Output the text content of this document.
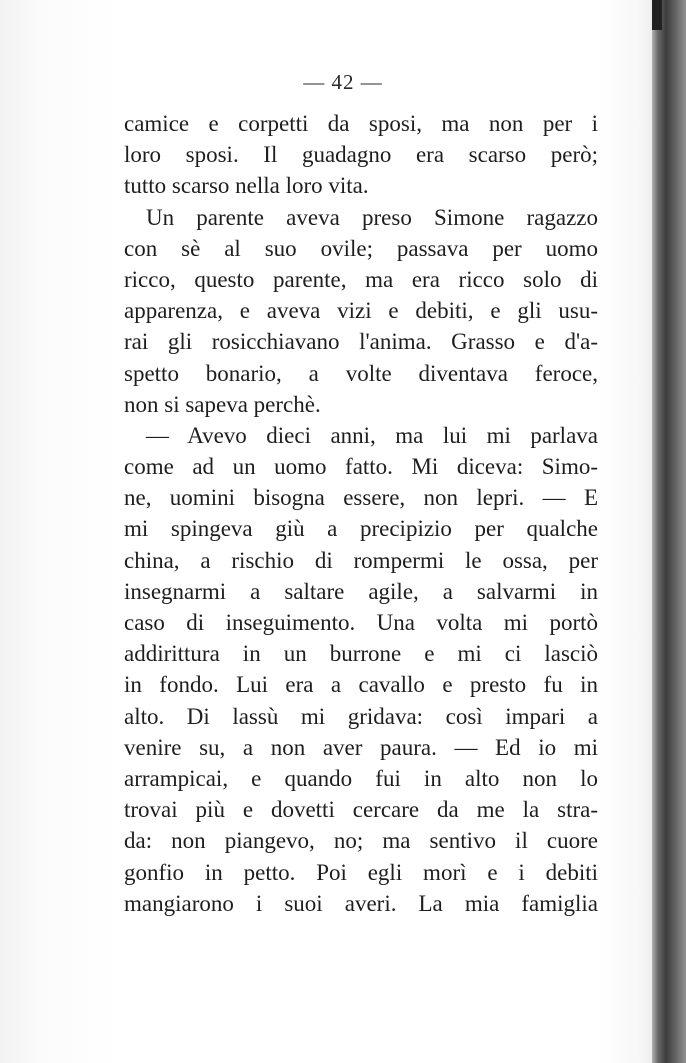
— 42 —
camice e corpetti da sposi, ma non per i
loro sposi. Il guadagno era scarso però;
tutto scarso nella loro vita.
Un parente aveva preso Simone ragazzo
con sè al suo ovile; passava per uomo
ricco, questo parente, ma era ricco solo di
apparenza, e aveva vizi e debiti, e gli usu-
rai gli rosicchiavano l'anima. Grasso e d'a-
spetto bonario, a volte diventava feroce,
non si sapeva perchè.
— Avevo dieci anni, ma lui mi parlava
come ad un uomo fatto. Mi diceva: Simo-
ne, uomini bisogna essere, non lepri. — E
mi spingeva giù a precipizio per qualche
china, a rischio di rompermi le ossa, per
insegnarmi a saltare agile, a salvarmi in
caso di inseguimento. Una volta mi portò
addirittura in un burrone e mi ci lasciò
in fondo. Lui era a cavallo e presto fu in
alto. Di lassù mi gridava: così impari a
venire su, a non aver paura. — Ed io mi
arrampicai, e quando fui in alto non lo
trovai più e dovetti cercare da me la stra-
da: non piangevo, no; ma sentivo il cuore
gonfio in petto. Poi egli morì e i debiti
mangiarono i suoi averi. La mia famiglia
